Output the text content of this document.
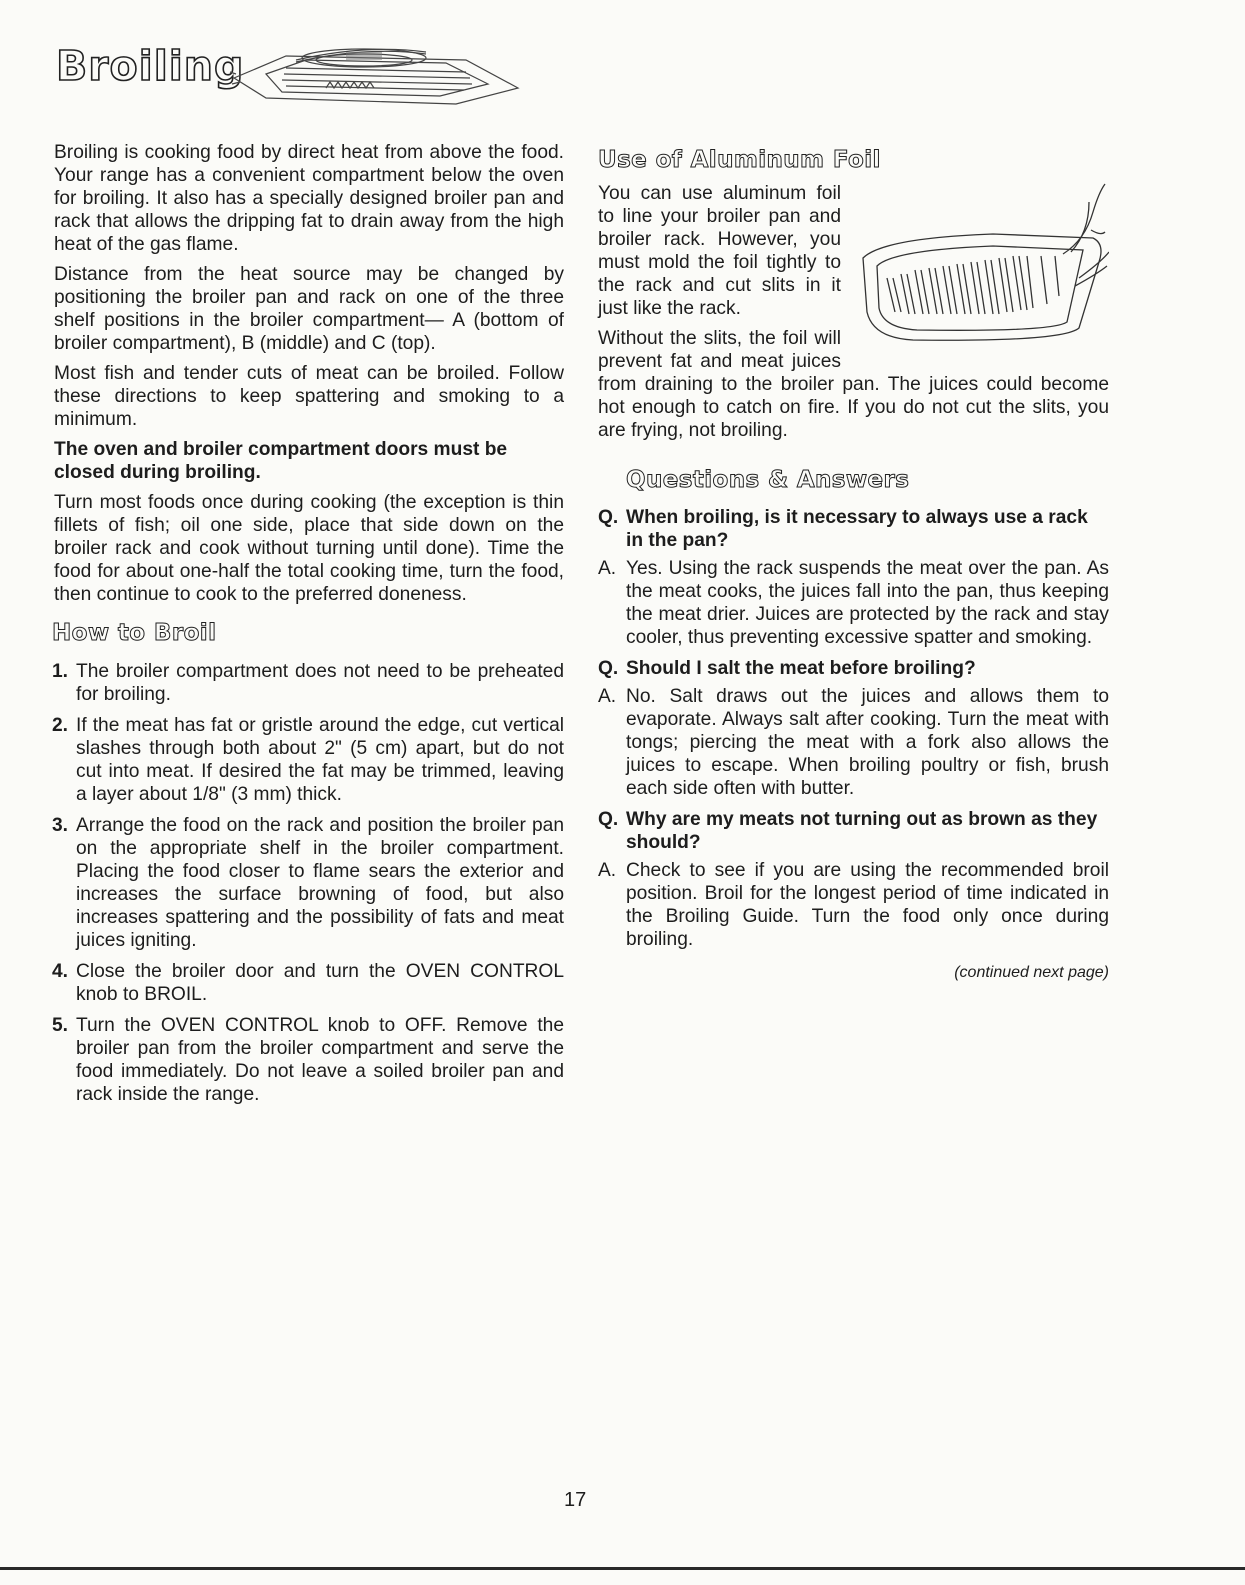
Broiling

Broiling is cooking food by direct heat from above the food. Your range has a convenient compartment below the oven for broiling. It also has a specially designed broiler pan and rack that allows the dripping fat to drain away from the high heat of the gas flame.

Distance from the heat source may be changed by positioning the broiler pan and rack on one of the three shelf positions in the broiler compartment— A (bottom of broiler compartment), B (middle) and C (top).

Most fish and tender cuts of meat can be broiled. Follow these directions to keep spattering and smoking to a minimum.

The oven and broiler compartment doors must be closed during broiling.

Turn most foods once during cooking (the exception is thin fillets of fish; oil one side, place that side down on the broiler rack and cook without turning until done). Time the food for about one-half the total cooking time, turn the food, then continue to cook to the preferred doneness.

How to Broil
1. The broiler compartment does not need to be preheated for broiling.
2. If the meat has fat or gristle around the edge, cut vertical slashes through both about 2" (5 cm) apart, but do not cut into meat. If desired the fat may be trimmed, leaving a layer about 1/8" (3 mm) thick.
3. Arrange the food on the rack and position the broiler pan on the appropriate shelf in the broiler compartment. Placing the food closer to flame sears the exterior and increases the surface browning of food, but also increases spattering and the possibility of fats and meat juices igniting.
4. Close the broiler door and turn the OVEN CONTROL knob to BROIL.
5. Turn the OVEN CONTROL knob to OFF. Remove the broiler pan from the broiler compartment and serve the food immediately. Do not leave a soiled broiler pan and rack inside the range.
Use of Aluminum Foil

You can use aluminum foil to line your broiler pan and broiler rack. However, you must mold the foil tightly to the rack and cut slits in it just like the rack.

Without the slits, the foil will prevent fat and meat juices from draining to the broiler pan. The juices could become hot enough to catch on fire. If you do not cut the slits, you are frying, not broiling.

Questions & Answers
Q. When broiling, is it necessary to always use a rack in the pan?
A. Yes. Using the rack suspends the meat over the pan. As the meat cooks, the juices fall into the pan, thus keeping the meat drier. Juices are protected by the rack and stay cooler, thus preventing excessive spatter and smoking.
Q. Should I salt the meat before broiling?
A. No. Salt draws out the juices and allows them to evaporate. Always salt after cooking. Turn the meat with tongs; piercing the meat with a fork also allows the juices to escape. When broiling poultry or fish, brush each side often with butter.
Q. Why are my meats not turning out as brown as they should?
A. Check to see if you are using the recommended broil position. Broil for the longest period of time indicated in the Broiling Guide. Turn the food only once during broiling.
(continued next page)
17
